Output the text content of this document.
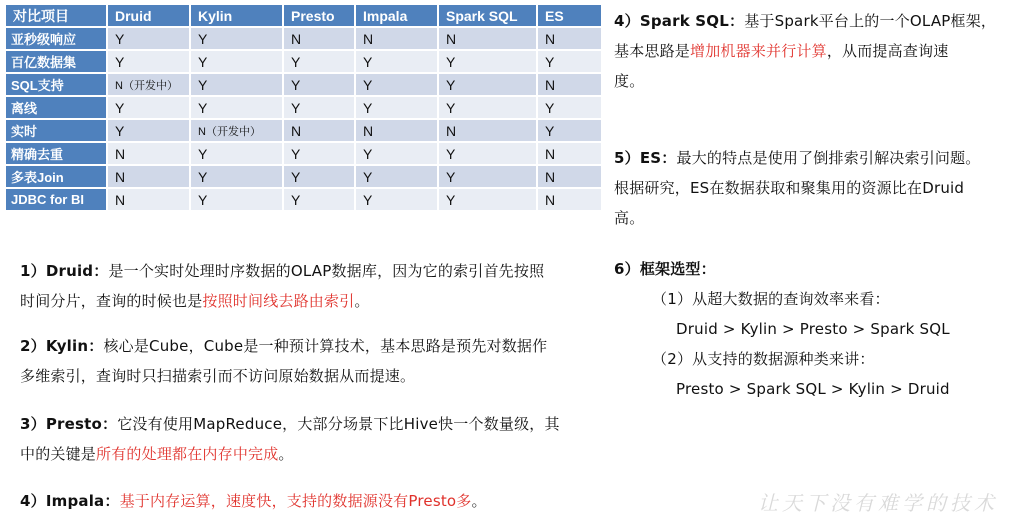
对比项目	Druid	Kylin	Presto	Impala	Spark SQL	ES
亚秒级响应	Y	Y	N	N	N	N
百亿数据集	Y	Y	Y	Y	Y	Y
SQL支持	N（开发中）	Y	Y	Y	Y	N
离线	Y	Y	Y	Y	Y	Y
实时	Y	N（开发中）	N	N	N	Y
精确去重	N	Y	Y	Y	Y	N
多表Join	N	Y	Y	Y	Y	N
JDBC for BI	N	Y	Y	Y	Y	N
1）Druid：是一个实时处理时序数据的OLAP数据库，因为它的索引首先按照
时间分片，查询的时候也是按照时间线去路由索引。
2）Kylin：核心是Cube，Cube是一种预计算技术，基本思路是预先对数据作
多维索引，查询时只扫描索引而不访问原始数据从而提速。
3）Presto：它没有使用MapReduce，大部分场景下比Hive快一个数量级，其
中的关键是所有的处理都在内存中完成。
4）Impala：基于内存运算，速度快，支持的数据源没有Presto多。
4）Spark SQL：基于Spark平台上的一个OLAP框架，
基本思路是增加机器来并行计算，从而提高查询速
度。
5）ES：最大的特点是使用了倒排索引解决索引问题。
根据研究，ES在数据获取和聚集用的资源比在Druid
高。
6）框架选型：
（1）从超大数据的查询效率来看：
Druid > Kylin > Presto > Spark SQL
（2）从支持的数据源种类来讲：
Presto > Spark SQL > Kylin > Druid
让天下没有难学的技术
